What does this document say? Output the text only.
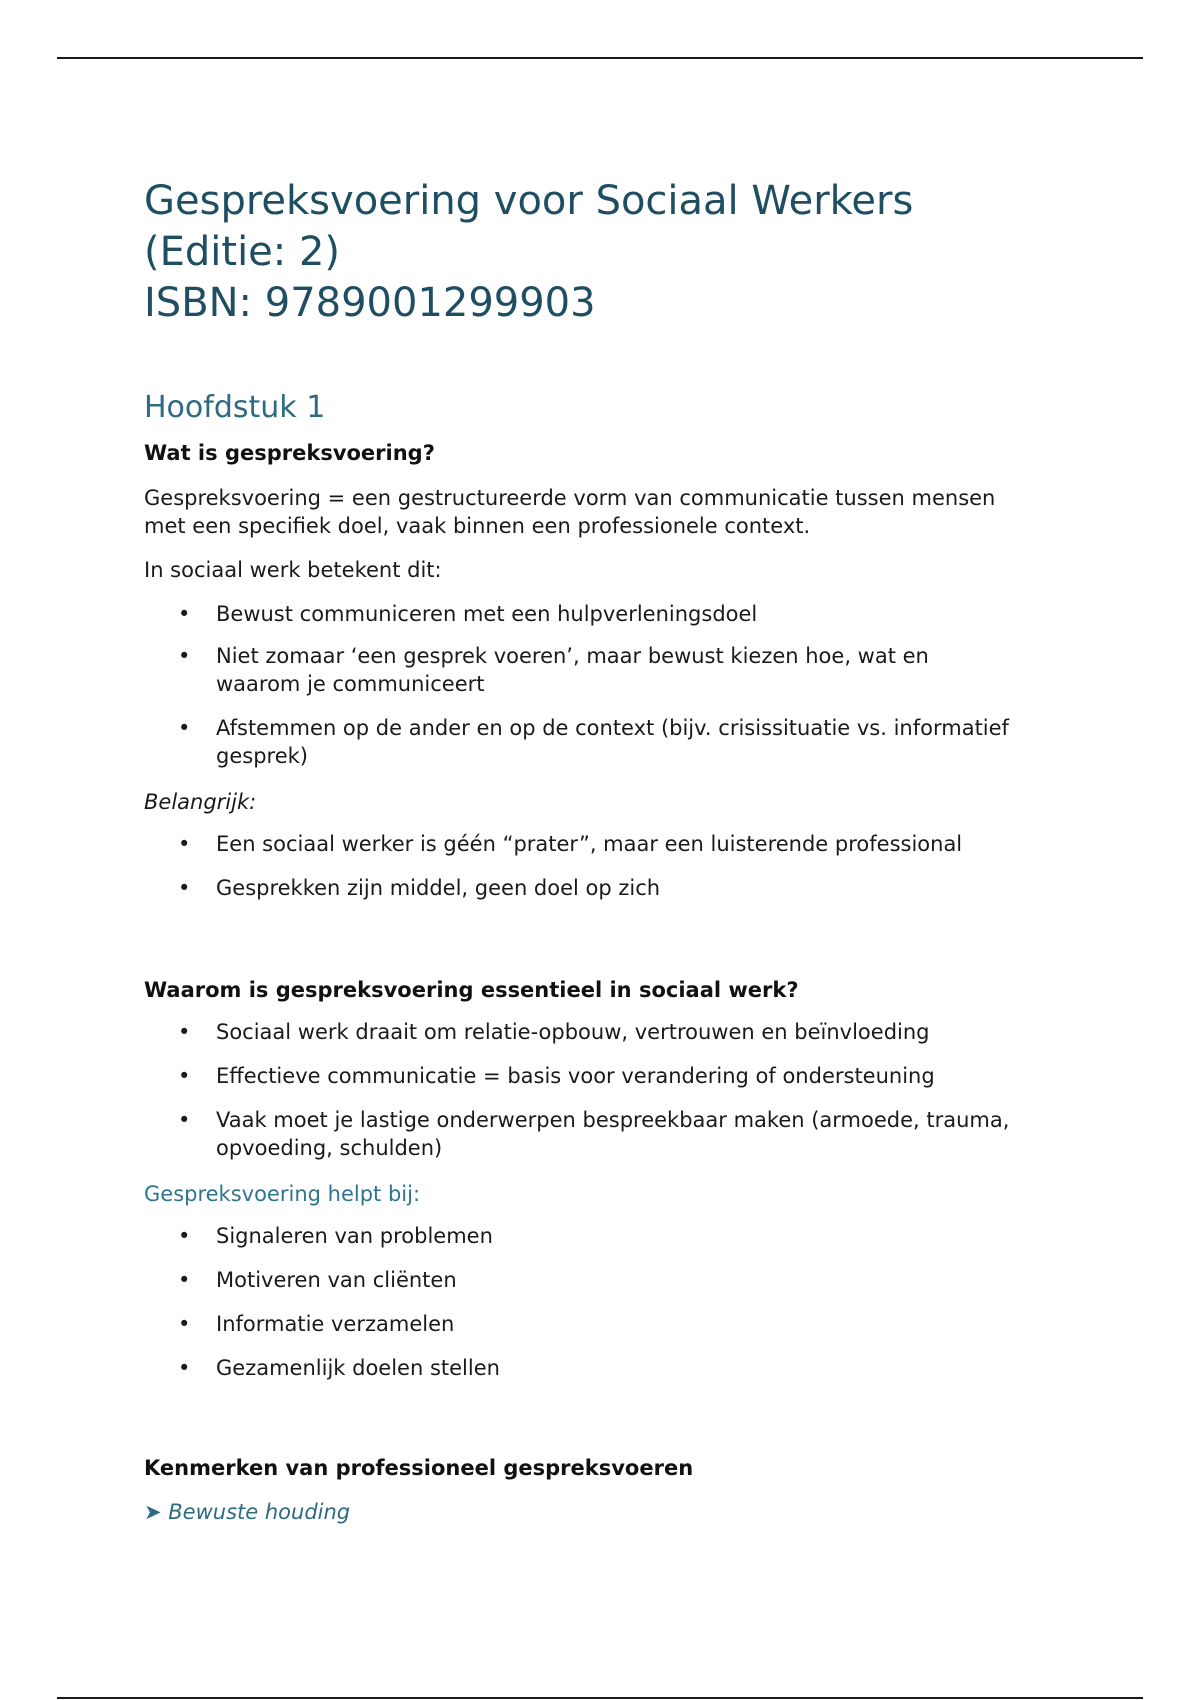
Gespreksvoering voor Sociaal Werkers
(Editie: 2)
ISBN: 9789001299903
Hoofdstuk 1

Wat is gespreksvoering?

Gespreksvoering = een gestructureerde vorm van communicatie tussen mensen

met een specifiek doel, vaak binnen een professionele context.

In sociaal werk betekent dit:

• Bewust communiceren met een hulpverleningsdoel
• Niet zomaar ‘een gesprek voeren’, maar bewust kiezen hoe, wat en
waarom je communiceert
• Afstemmen op de ander en op de context (bijv. crisissituatie vs. informatief
gesprek)

Belangrijk:

• Een sociaal werker is géén “prater”, maar een luisterende professional
• Gesprekken zijn middel, geen doel op zich

Waarom is gespreksvoering essentieel in sociaal werk?

• Sociaal werk draait om relatie-opbouw, vertrouwen en beïnvloeding
• Effectieve communicatie = basis voor verandering of ondersteuning
• Vaak moet je lastige onderwerpen bespreekbaar maken (armoede, trauma,
opvoeding, schulden)

Gespreksvoering helpt bij:

• Signaleren van problemen
• Motiveren van cliënten
• Informatie verzamelen
• Gezamenlijk doelen stellen

Kenmerken van professioneel gespreksvoeren

➤ Bewuste houding
